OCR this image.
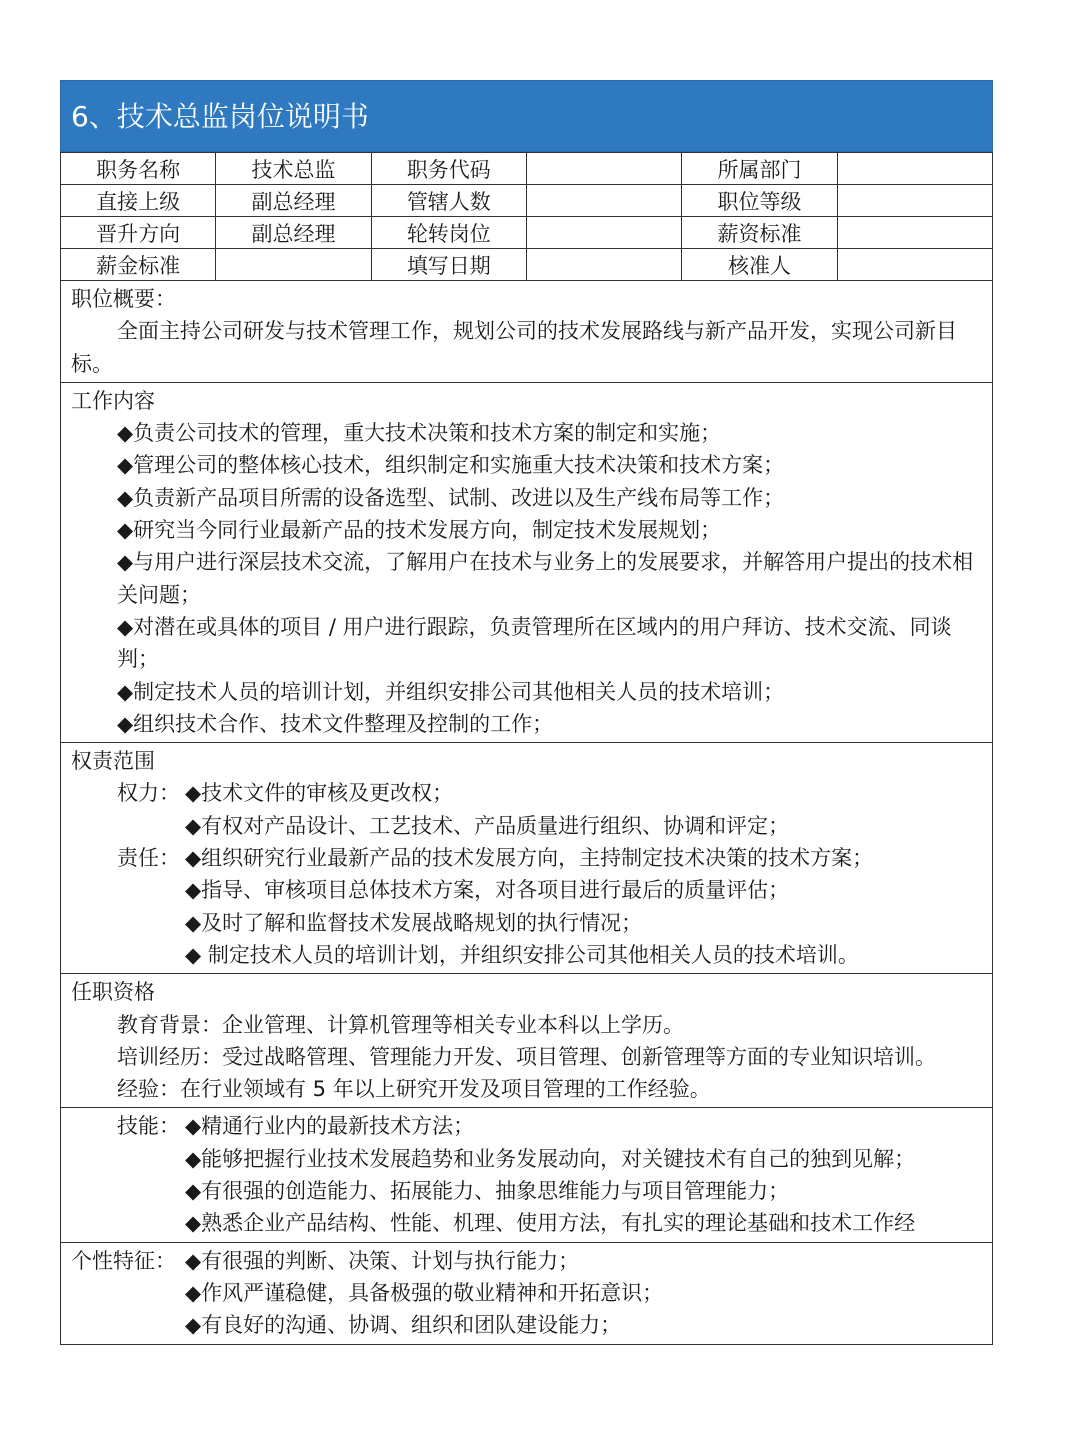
6、技术总监岗位说明书
职务名称	技术总监	职务代码		所属部门	
直接上级	副总经理	管辖人数		职位等级	
晋升方向	副总经理	轮转岗位		薪资标准	
薪金标准		填写日期		核准人	
职位概要：
全面主持公司研发与技术管理工作，规划公司的技术发展路线与新产品开发，实现公司新目标。
工作内容
◆负责公司技术的管理，重大技术决策和技术方案的制定和实施；
◆管理公司的整体核心技术，组织制定和实施重大技术决策和技术方案；
◆负责新产品项目所需的设备选型、试制、改进以及生产线布局等工作；
◆研究当今同行业最新产品的技术发展方向，制定技术发展规划；
◆与用户进行深层技术交流，了解用户在技术与业务上的发展要求，并解答用户提出的技术相关问题；
◆对潜在或具体的项目 / 用户进行跟踪，负责管理所在区域内的用户拜访、技术交流、同谈判；
◆制定技术人员的培训计划，并组织安排公司其他相关人员的技术培训；
◆组织技术合作、技术文件整理及控制的工作；
权责范围
权力： ◆技术文件的审核及更改权；
◆有权对产品设计、工艺技术、产品质量进行组织、协调和评定；
责任： ◆组织研究行业最新产品的技术发展方向，主持制定技术决策的技术方案；
◆指导、审核项目总体技术方案，对各项目进行最后的质量评估；
◆及时了解和监督技术发展战略规划的执行情况；
◆ 制定技术人员的培训计划，并组织安排公司其他相关人员的技术培训。
任职资格
教育背景：企业管理、计算机管理等相关专业本科以上学历。
培训经历：受过战略管理、管理能力开发、项目管理、创新管理等方面的专业知识培训。
经验：在行业领域有 5 年以上研究开发及项目管理的工作经验。
技能： ◆精通行业内的最新技术方法；
◆能够把握行业技术发展趋势和业务发展动向，对关键技术有自己的独到见解；
◆有很强的创造能力、拓展能力、抽象思维能力与项目管理能力；
◆熟悉企业产品结构、性能、机理、使用方法，有扎实的理论基础和技术工作经
个性特征： ◆有很强的判断、决策、计划与执行能力；
◆作风严谨稳健，具备极强的敬业精神和开拓意识；
◆有良好的沟通、协调、组织和团队建设能力；
